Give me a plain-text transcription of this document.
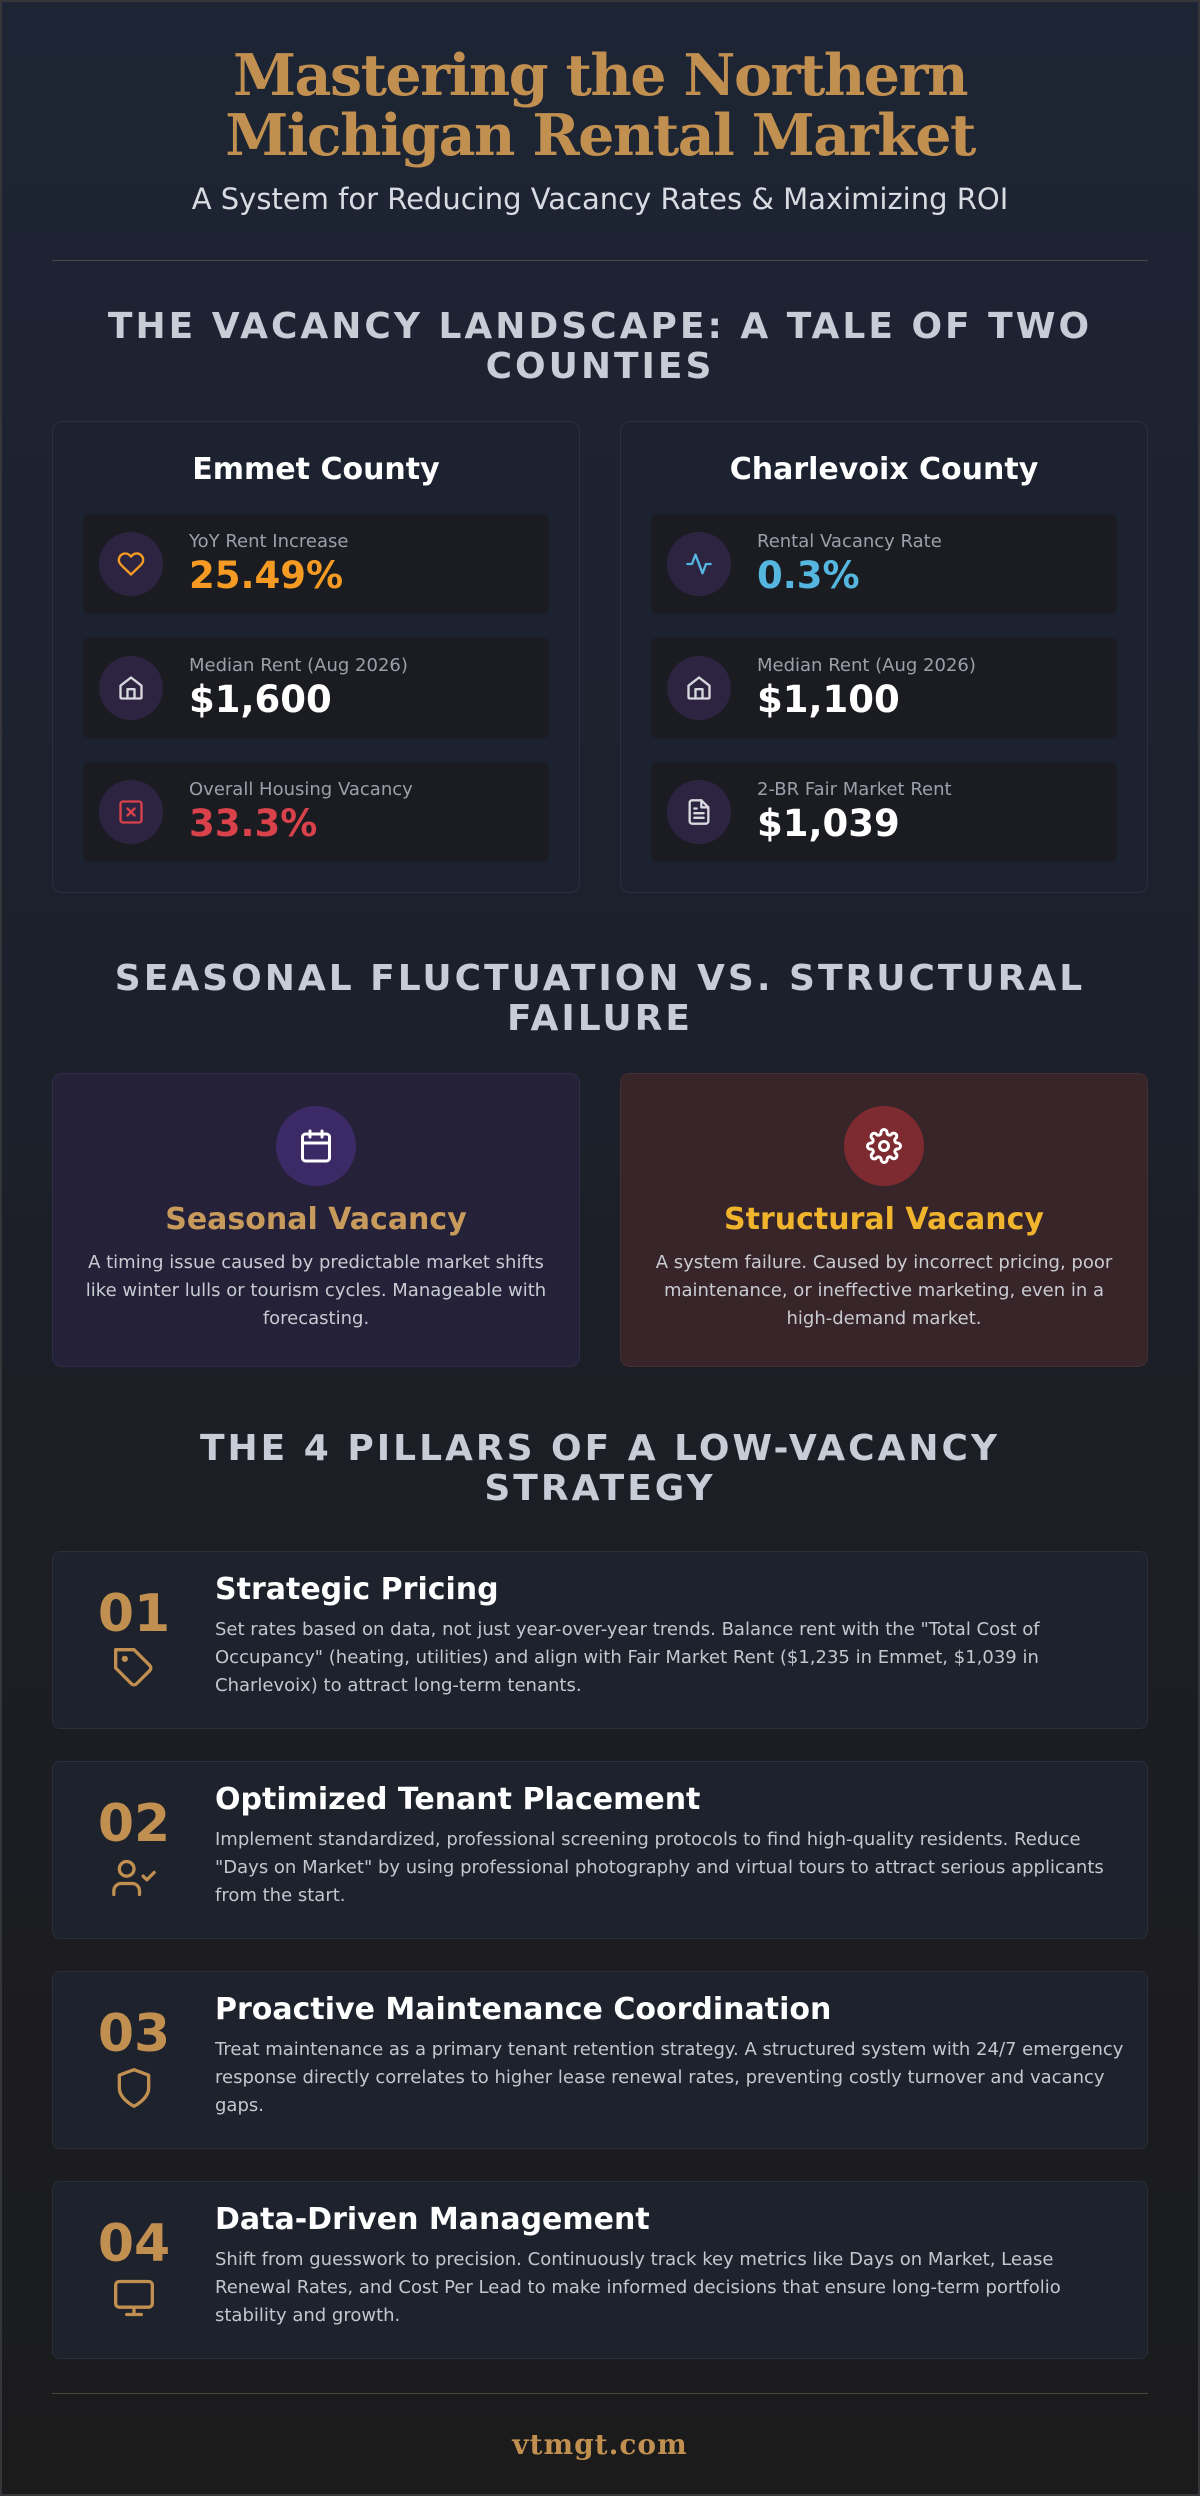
Mastering the Northern Michigan Rental Market
A System for Reducing Vacancy Rates & Maximizing ROI
THE VACANCY LANDSCAPE: A TALE OF TWO COUNTIES
Emmet County
YoY Rent Increase
25.49%
Median Rent (Aug 2026)
$1,600
Overall Housing Vacancy
33.3%
Charlevoix County
Rental Vacancy Rate
0.3%
Median Rent (Aug 2026)
$1,100
2-BR Fair Market Rent
$1,039
SEASONAL FLUCTUATION VS. STRUCTURAL FAILURE
Seasonal Vacancy
A timing issue caused by predictable market shifts like winter lulls or tourism cycles. Manageable with forecasting.
Structural Vacancy
A system failure. Caused by incorrect pricing, poor maintenance, or ineffective marketing, even in a high-demand market.
THE 4 PILLARS OF A LOW-VACANCY STRATEGY
01	Strategic Pricing
Set rates based on data, not just year-over-year trends. Balance rent with the "Total Cost of Occupancy" (heating, utilities) and align with Fair Market Rent ($1,235 in Emmet, $1,039 in Charlevoix) to attract long-term tenants.
02	Optimized Tenant Placement
Implement standardized, professional screening protocols to find high-quality residents. Reduce "Days on Market" by using professional photography and virtual tours to attract serious applicants from the start.
03	Proactive Maintenance Coordination
Treat maintenance as a primary tenant retention strategy. A structured system with 24/7 emergency response directly correlates to higher lease renewal rates, preventing costly turnover and vacancy gaps.
04	Data-Driven Management
Shift from guesswork to precision. Continuously track key metrics like Days on Market, Lease Renewal Rates, and Cost Per Lead to make informed decisions that ensure long-term portfolio stability and growth.
vtmgt.com
